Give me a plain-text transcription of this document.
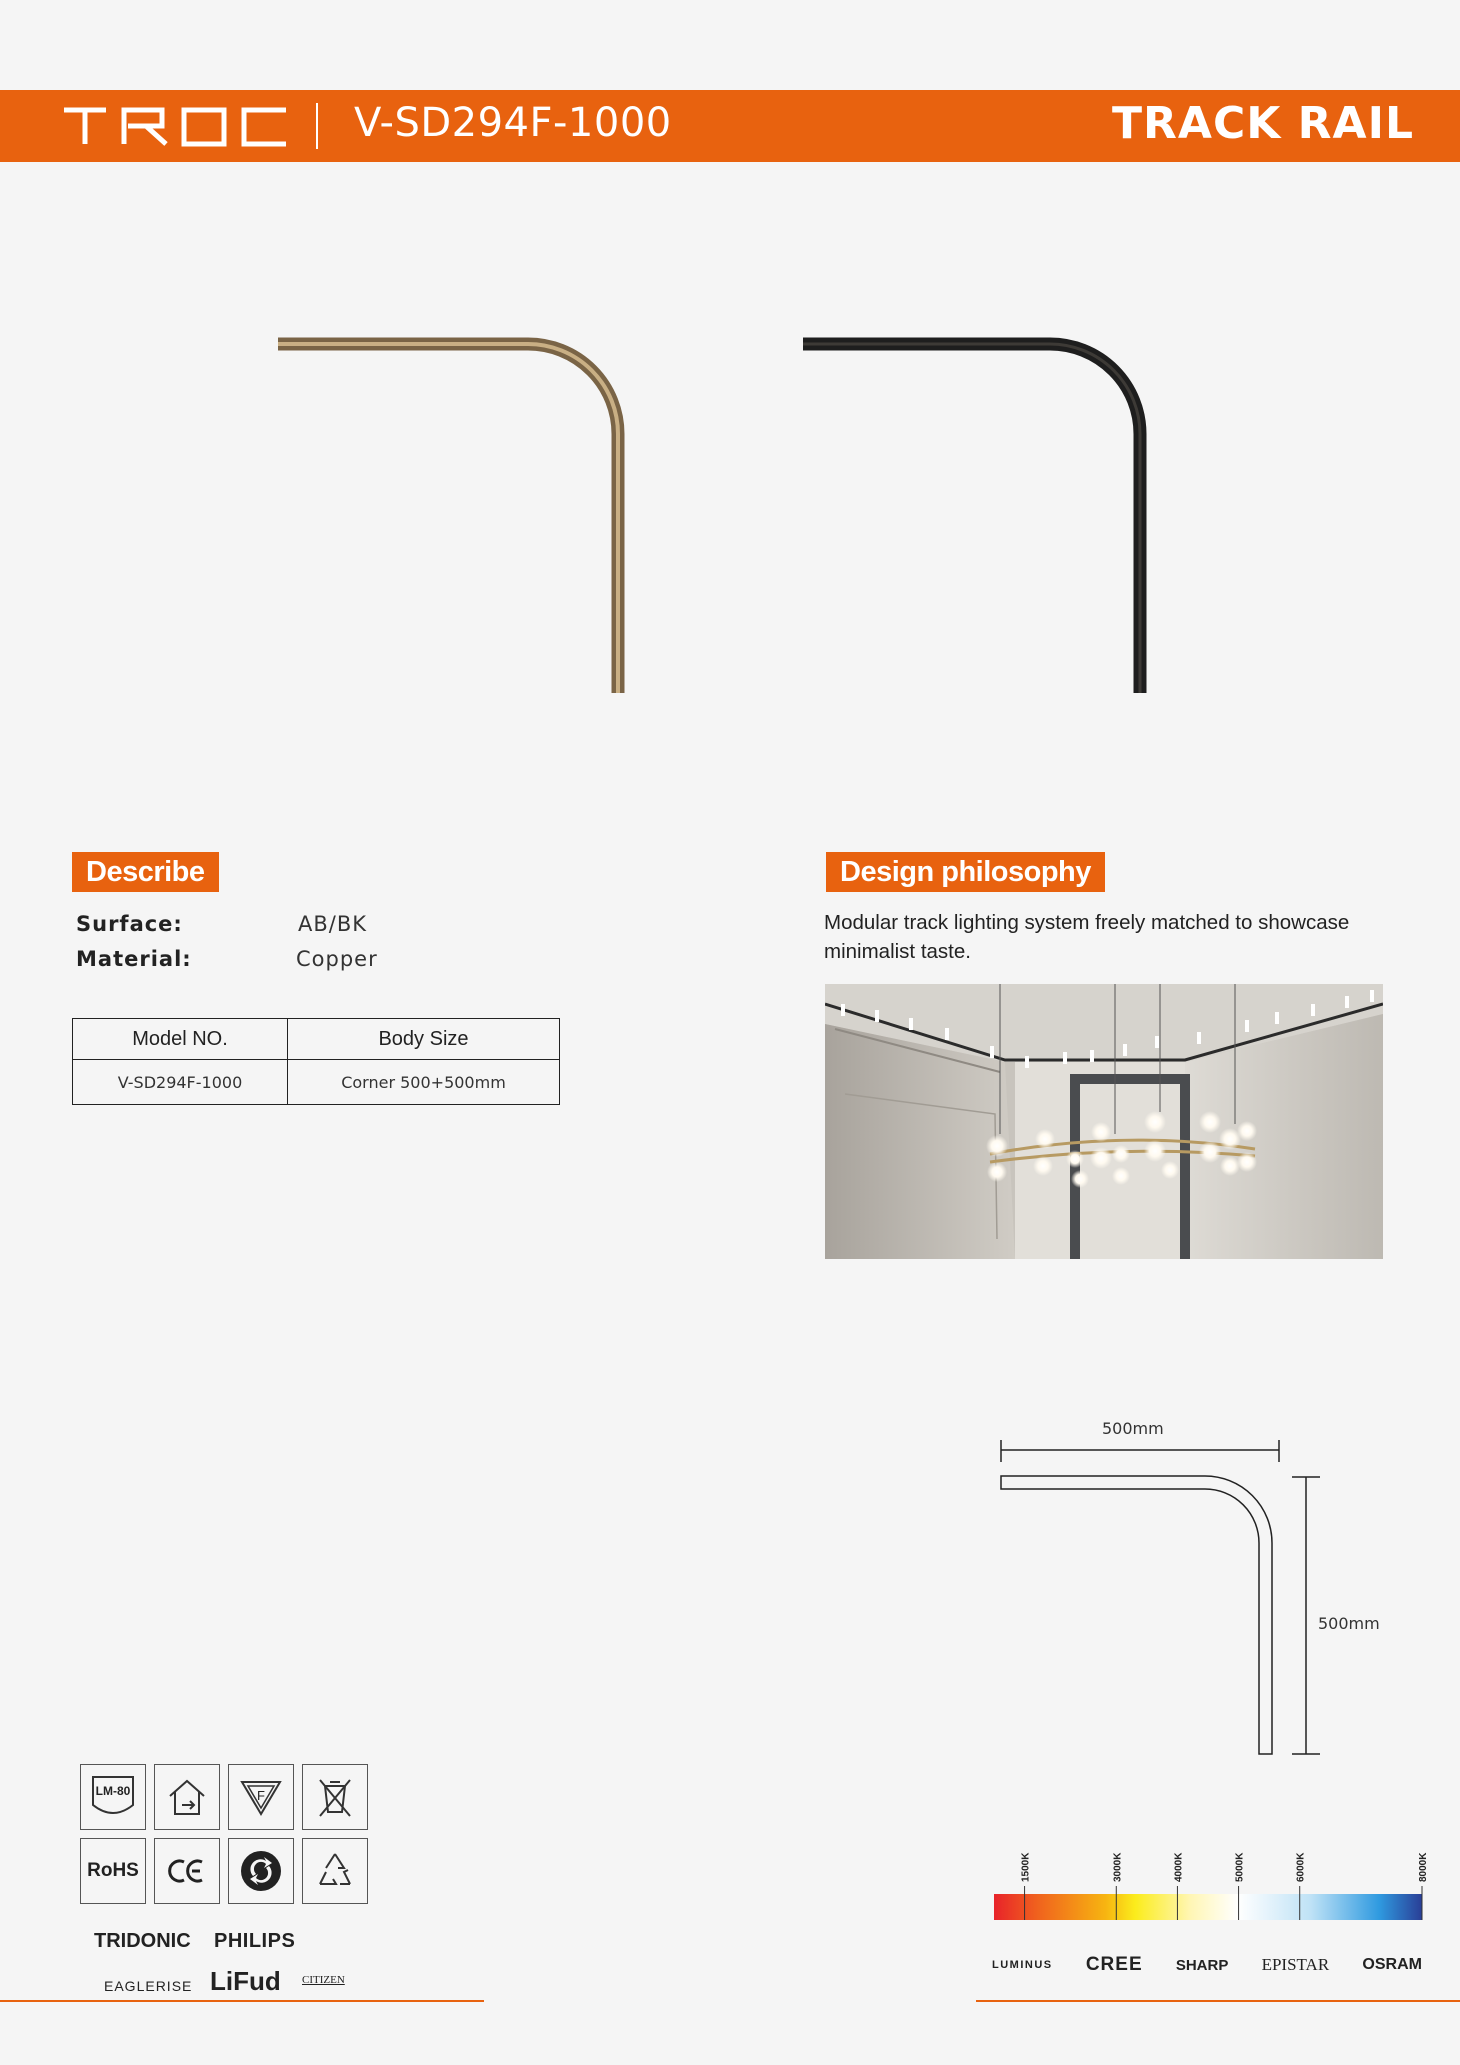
V-SD294F-1000	TRACK RAIL
Describe
Surface:	AB/BK
Material:	Copper
Model NO.	Body Size
V-SD294F-1000	Corner 500+500mm
Design philosophy
Modular track lighting system freely matched to showcase minimalist taste.
500mm
500mm
LM-80	F
RoHS
TRIDONIC PHILIPS
EAGLERISE LiFud CITIZEN
1500K	3000K	4000K	5000K	6000K	8000K
LUMINUS CREE SHARP EPISTAR OSRAM
